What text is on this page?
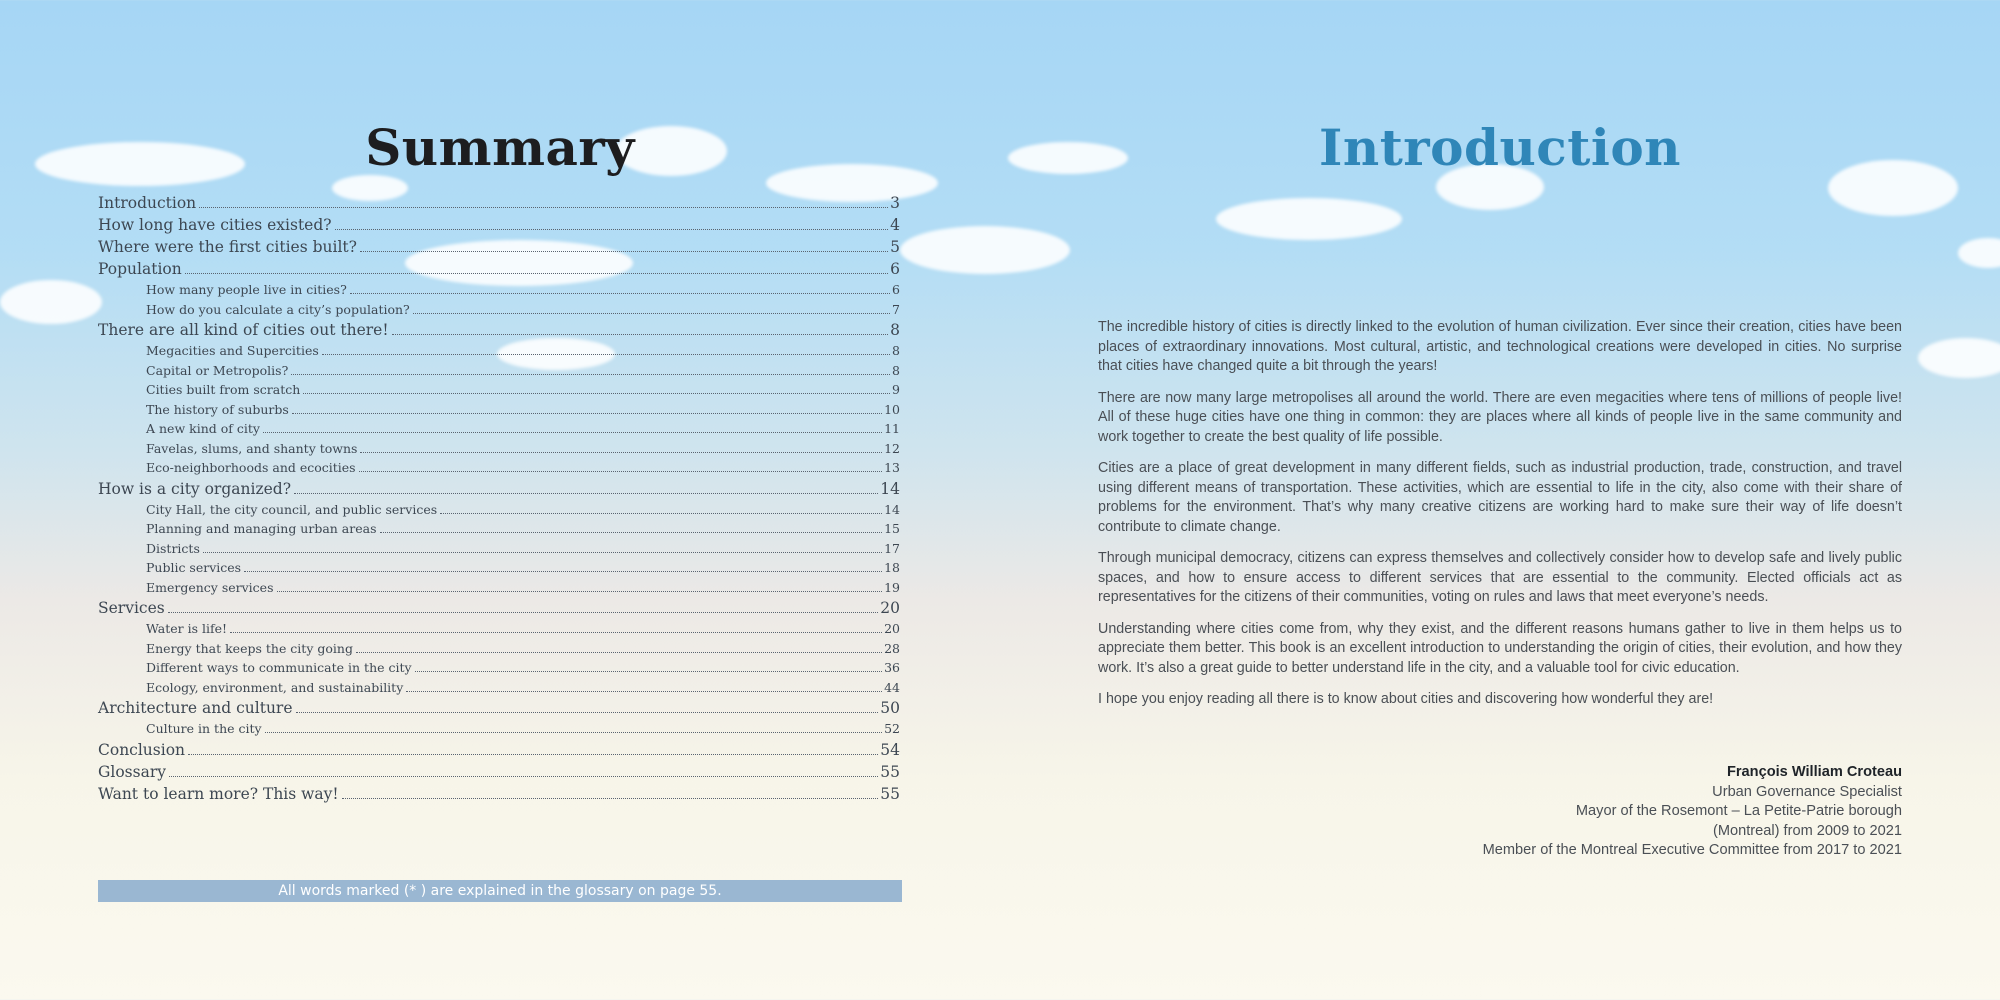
Summary
Introduction	3
How long have cities existed?	4
Where were the first cities built?	5
Population	6
How many people live in cities?	6
How do you calculate a city’s population?	7
There are all kind of cities out there!	8
Megacities and Supercities	8
Capital or Metropolis?	8
Cities built from scratch	9
The history of suburbs	10
A new kind of city	11
Favelas, slums, and shanty towns	12
Eco-neighborhoods and ecocities	13
How is a city organized?	14
City Hall, the city council, and public services	14
Planning and managing urban areas	15
Districts	17
Public services	18
Emergency services	19
Services	20
Water is life!	20
Energy that keeps the city going	28
Different ways to communicate in the city	36
Ecology, environment, and sustainability	44
Architecture and culture	50
Culture in the city	52
Conclusion	54
Glossary	55
Want to learn more? This way!	55
All words marked (* ) are explained in the glossary on page 55.
Introduction

The incredible history of cities is directly linked to the evolution of human civilization. Ever since their creation, cities have been places of extraordinary innovations. Most cultural, artistic, and technological creations were developed in cities. No surprise that cities have changed quite a bit through the years!

There are now many large metropolises all around the world. There are even megacities where tens of millions of people live! All of these huge cities have one thing in common: they are places where all kinds of people live in the same community and work together to create the best quality of life possible.

Cities are a place of great development in many different fields, such as industrial production, trade, construction, and travel using different means of transportation. These activities, which are essential to life in the city, also come with their share of problems for the environment. That’s why many creative citizens are working hard to make sure their way of life doesn’t contribute to climate change.

Through municipal democracy, citizens can express themselves and collectively consider how to develop safe and lively public spaces, and how to ensure access to different services that are essential to the community. Elected officials act as representatives for the citizens of their communities, voting on rules and laws that meet everyone’s needs.

Understanding where cities come from, why they exist, and the different reasons humans gather to live in them helps us to appreciate them better. This book is an excellent introduction to understanding the origin of cities, their evolution, and how they work. It’s also a great guide to better understand life in the city, and a valuable tool for civic education.

I hope you enjoy reading all there is to know about cities and discovering how wonderful they are!

François William Croteau
Urban Governance Specialist
Mayor of the Rosemont – La Petite-Patrie borough
(Montreal) from 2009 to 2021
Member of the Montreal Executive Committee from 2017 to 2021
